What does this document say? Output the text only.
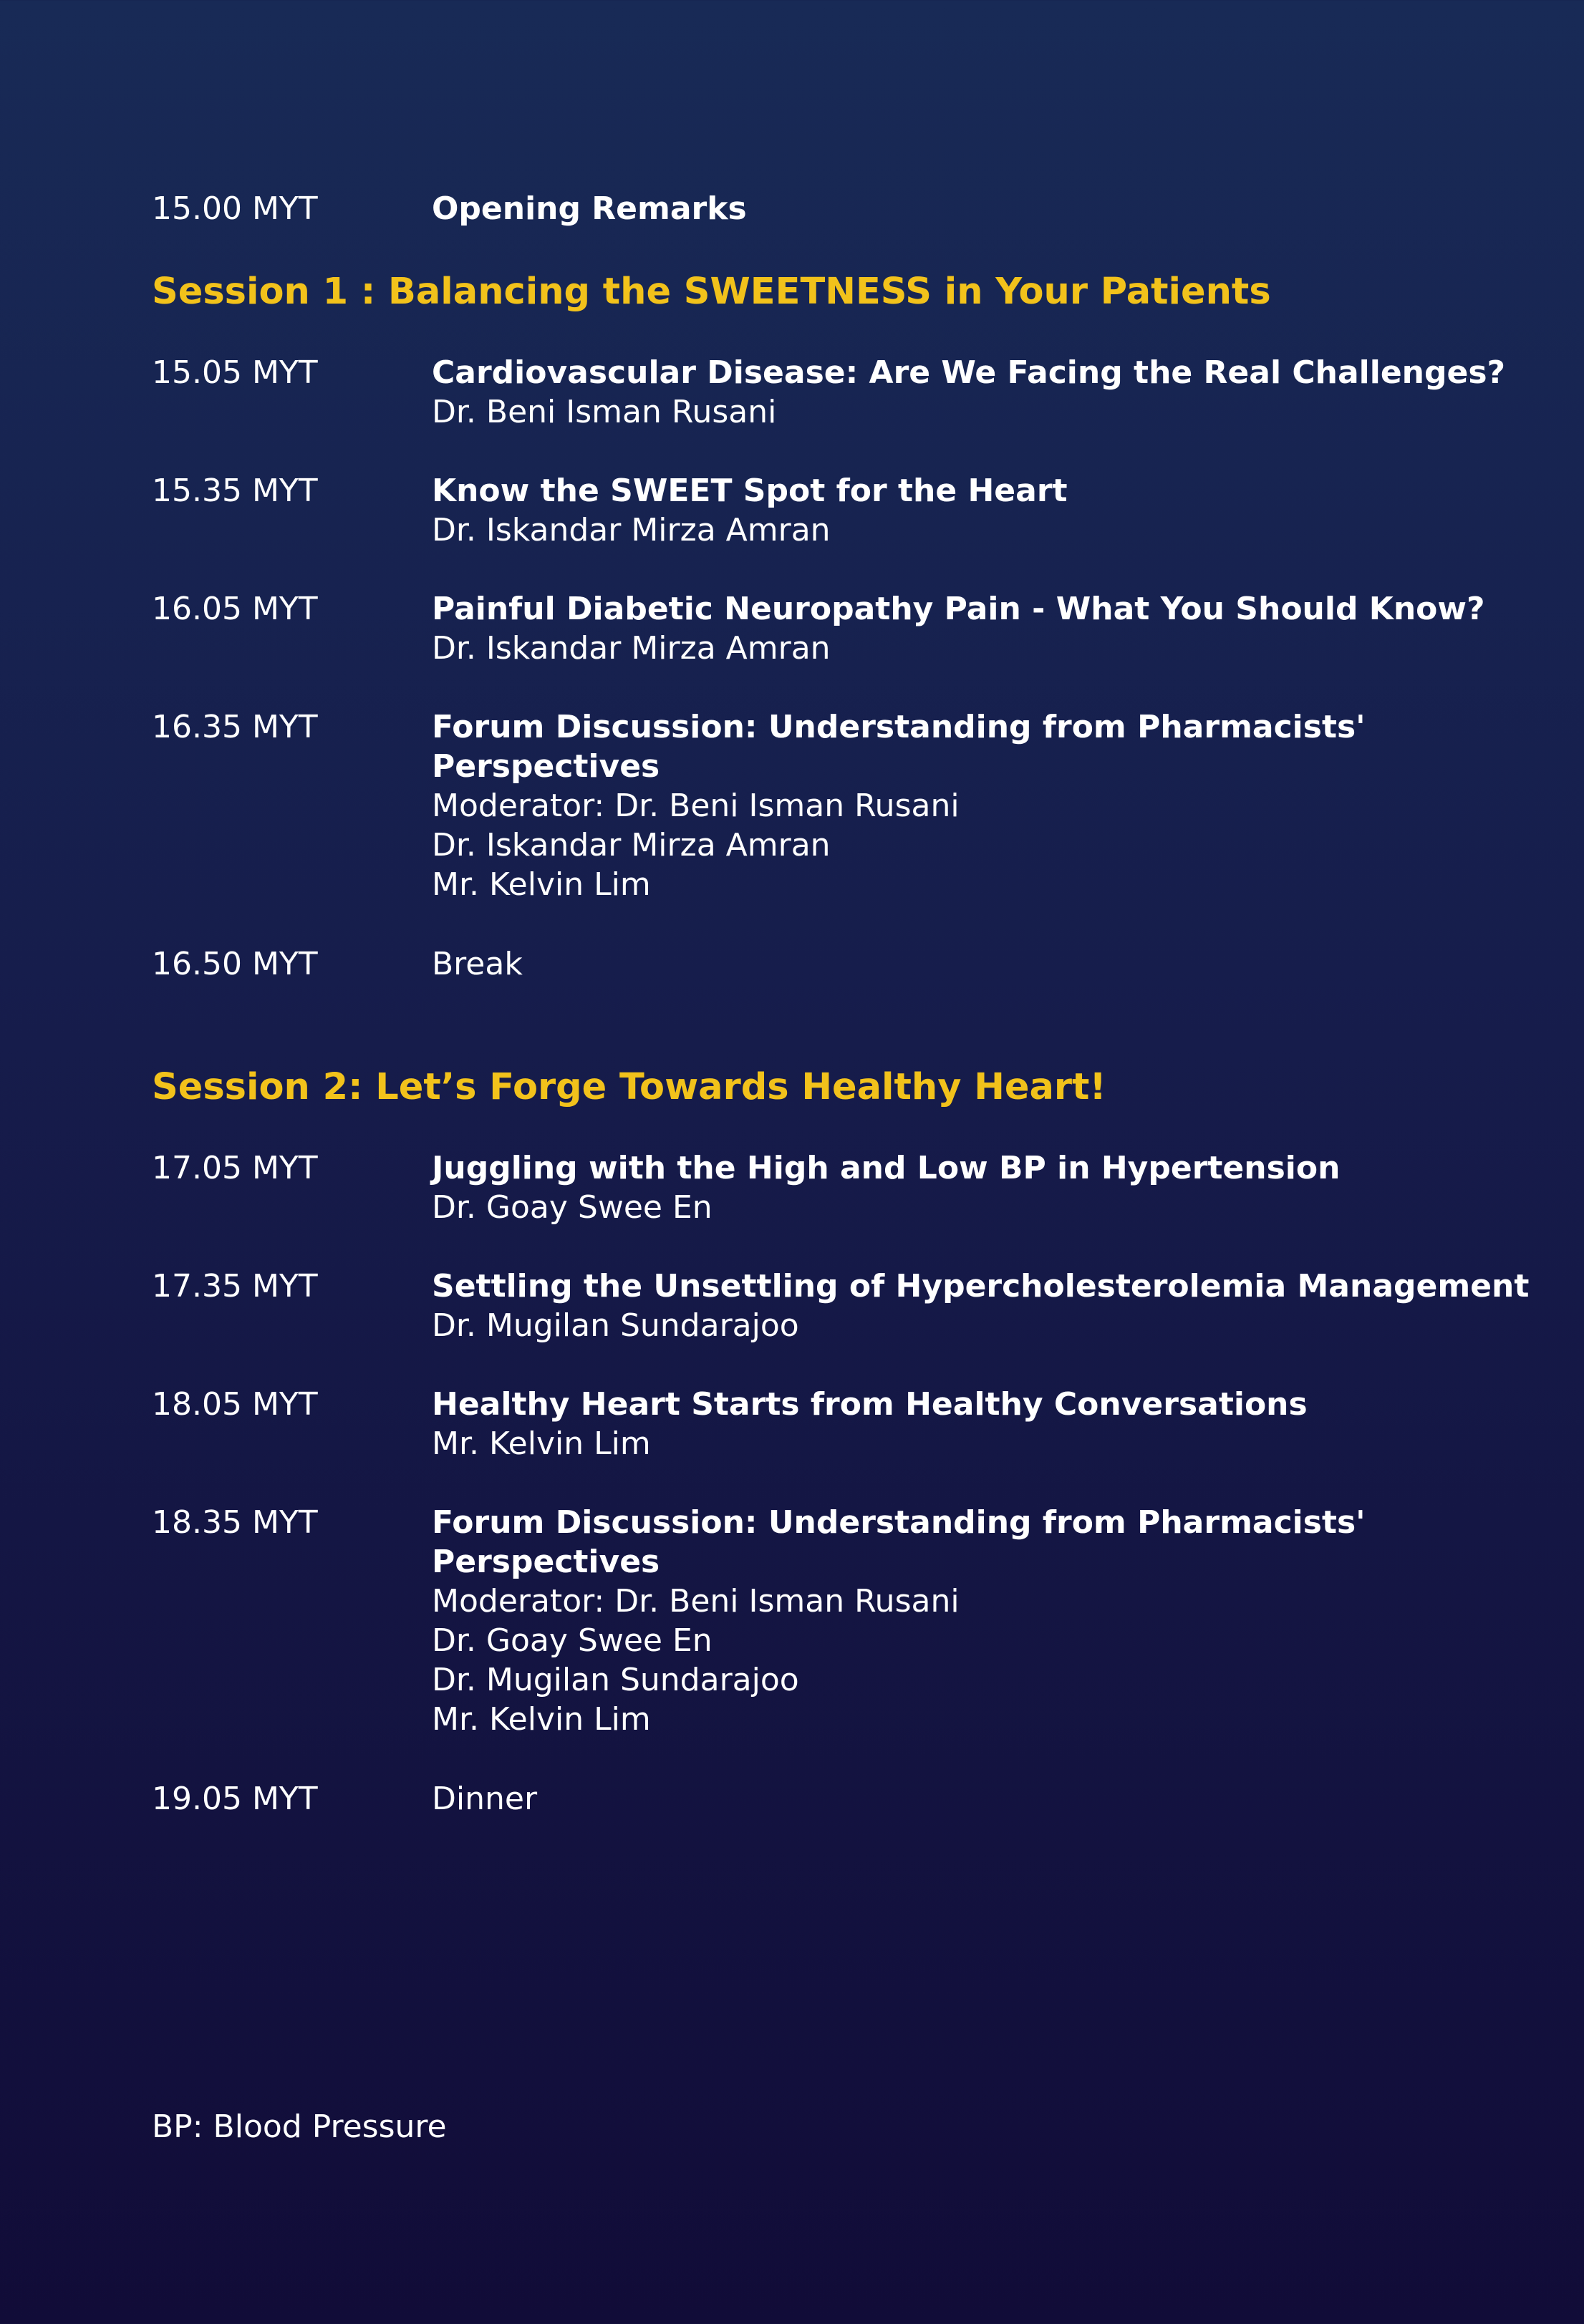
15.00 MYT	Opening Remarks
Session 1 : Balancing the SWEETNESS in Your Patients
15.05 MYT	Cardiovascular Disease: Are We Facing the Real Challenges?
Dr. Beni Isman Rusani
15.35 MYT	Know the SWEET Spot for the Heart
Dr. Iskandar Mirza Amran
16.05 MYT	Painful Diabetic Neuropathy Pain - What You Should Know?
Dr. Iskandar Mirza Amran
16.35 MYT	Forum Discussion: Understanding from Pharmacists'
Perspectives
Moderator: Dr. Beni Isman Rusani
Dr. Iskandar Mirza Amran
Mr. Kelvin Lim
16.50 MYT	Break
Session 2: Let’s Forge Towards Healthy Heart!
17.05 MYT	Juggling with the High and Low BP in Hypertension
Dr. Goay Swee En
17.35 MYT	Settling the Unsettling of Hypercholesterolemia Management
Dr. Mugilan Sundarajoo
18.05 MYT	Healthy Heart Starts from Healthy Conversations
Mr. Kelvin Lim
18.35 MYT	Forum Discussion: Understanding from Pharmacists'
Perspectives
Moderator: Dr. Beni Isman Rusani
Dr. Goay Swee En
Dr. Mugilan Sundarajoo
Mr. Kelvin Lim
19.05 MYT	Dinner
BP: Blood Pressure
